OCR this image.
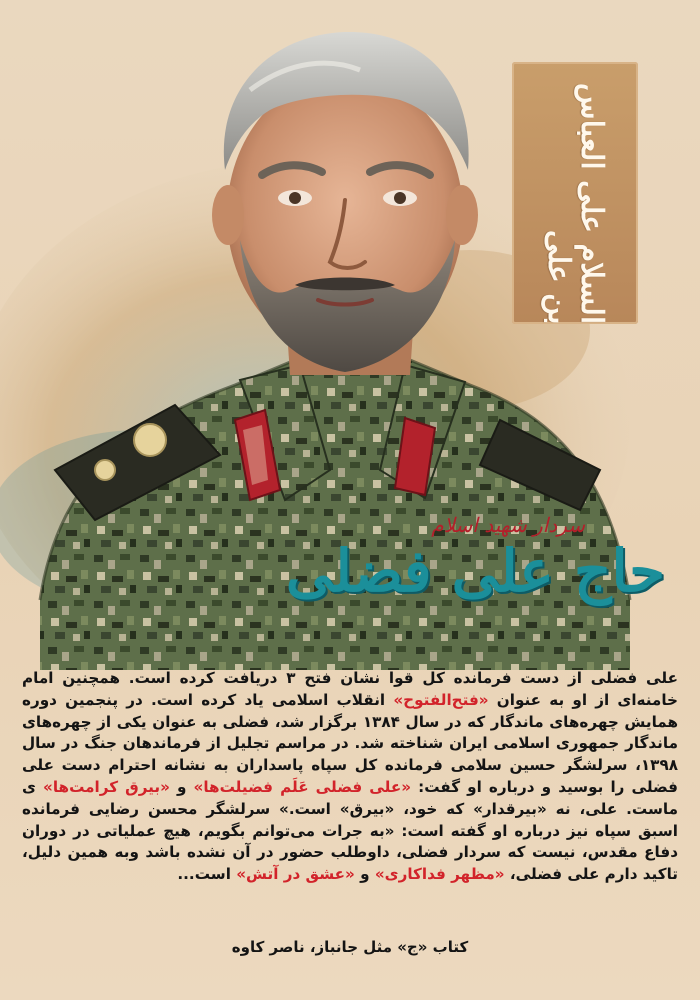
السلام علی العباس بن علی
سردار شهید اسلام
حاج علی فضلی

علی فضلی از دست فرمانده کل قوا نشان فتح ۳ دریافت کرده است. همچنین امام خامنه‌ای از او به عنوان «فتح‌الفتوح» انقلاب اسلامی یاد کرده است. در پنجمین دوره همایش چهره‌های ماندگار که در سال ۱۳۸۴ برگزار شد، فضلی به عنوان یکی از چهره‌های ماندگار جمهوری اسلامی ایران شناخته شد. در مراسم تجلیل از فرماندهان جنگ در سال ۱۳۹۸، سرلشگر حسین سلامی فرمانده کل سپاه پاسداران به نشانه احترام دست علی فضلی را بوسید و درباره او گفت: «علی فضلی عَلَم فضیلت‌ها» و «بیرق کرامت‌ها» ی ماست. علی، نه «بیرقدار» که خود، «بیرق» است.» سرلشگر محسن رضایی فرمانده اسبق سپاه نیز درباره او گفته است: «به جرات می‌توانم بگویم، هیچ عملیاتی در دوران دفاع مقدس، نیست که سردار فضلی، داوطلب حضور در آن نشده باشد وبه همین دلیل، تاکید دارم علی فضلی، «مظهر فداکاری» و «عشق در آتش» است...

کتاب «ج» مثل جانباز، ناصر کاوه
